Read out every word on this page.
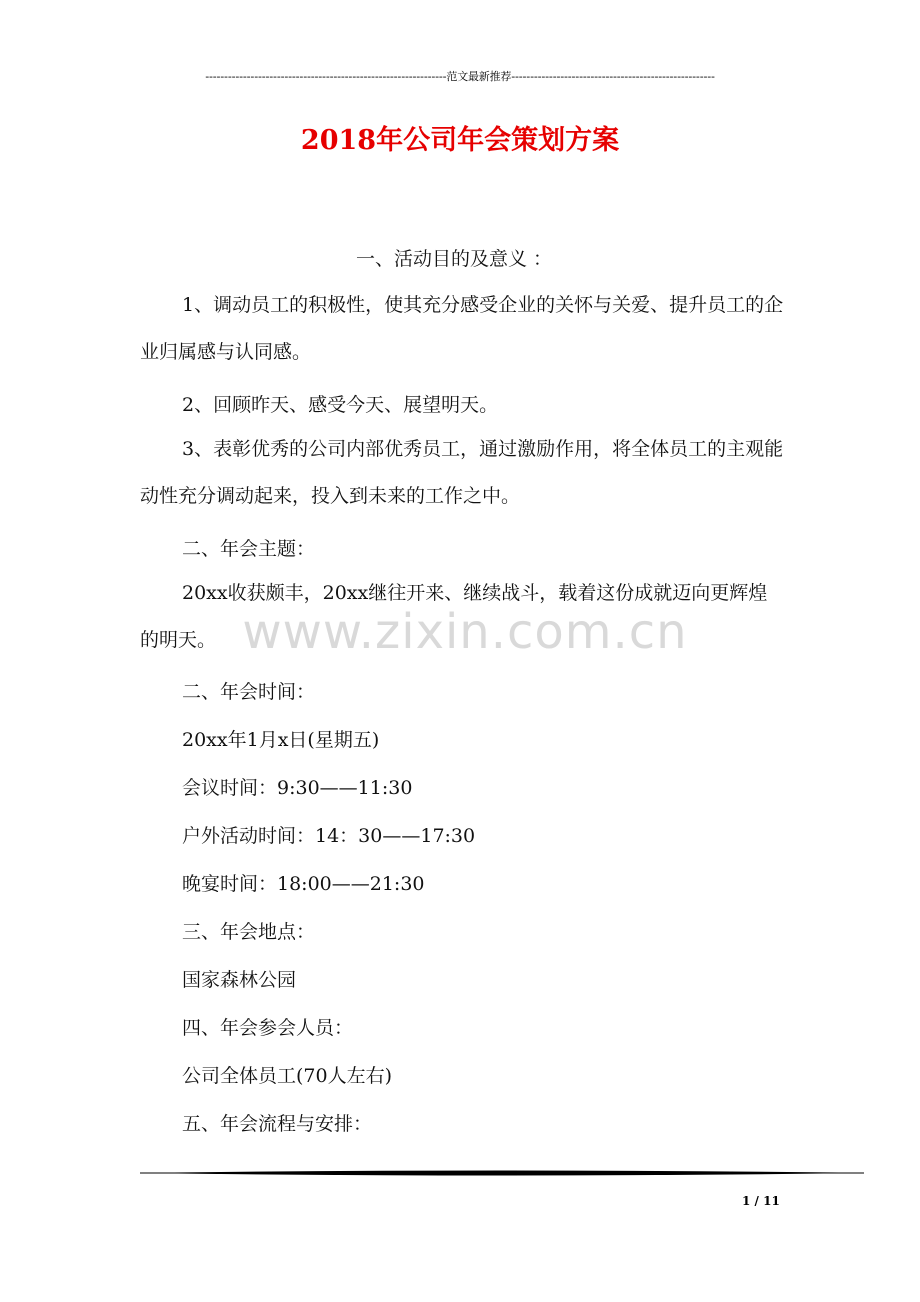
----------------------------------------------------------------范文最新推荐------------------------------------------------------
2018年公司年会策划方案
www.zixin.com.cn
一、活动目的及意义 ：
1、调动员工的积极性，使其充分感受企业的关怀与关爱、提升员工的企业归属感与认同感。
2、回顾昨天、感受今天、展望明天。
3、表彰优秀的公司内部优秀员工，通过激励作用，将全体员工的主观能动性充分调动起来，投入到未来的工作之中。
二、年会主题：
20xx收获颇丰，20xx继往开来、继续战斗，载着这份成就迈向更辉煌的明天。
二、年会时间：
20xx年1月x日(星期五)
会议时间：9:30——11:30
户外活动时间：14：30——17:30
晚宴时间：18:00——21:30
三、年会地点：
国家森林公园
四、年会参会人员：
公司全体员工(70人左右)
五、年会流程与安排：
1 / 11
